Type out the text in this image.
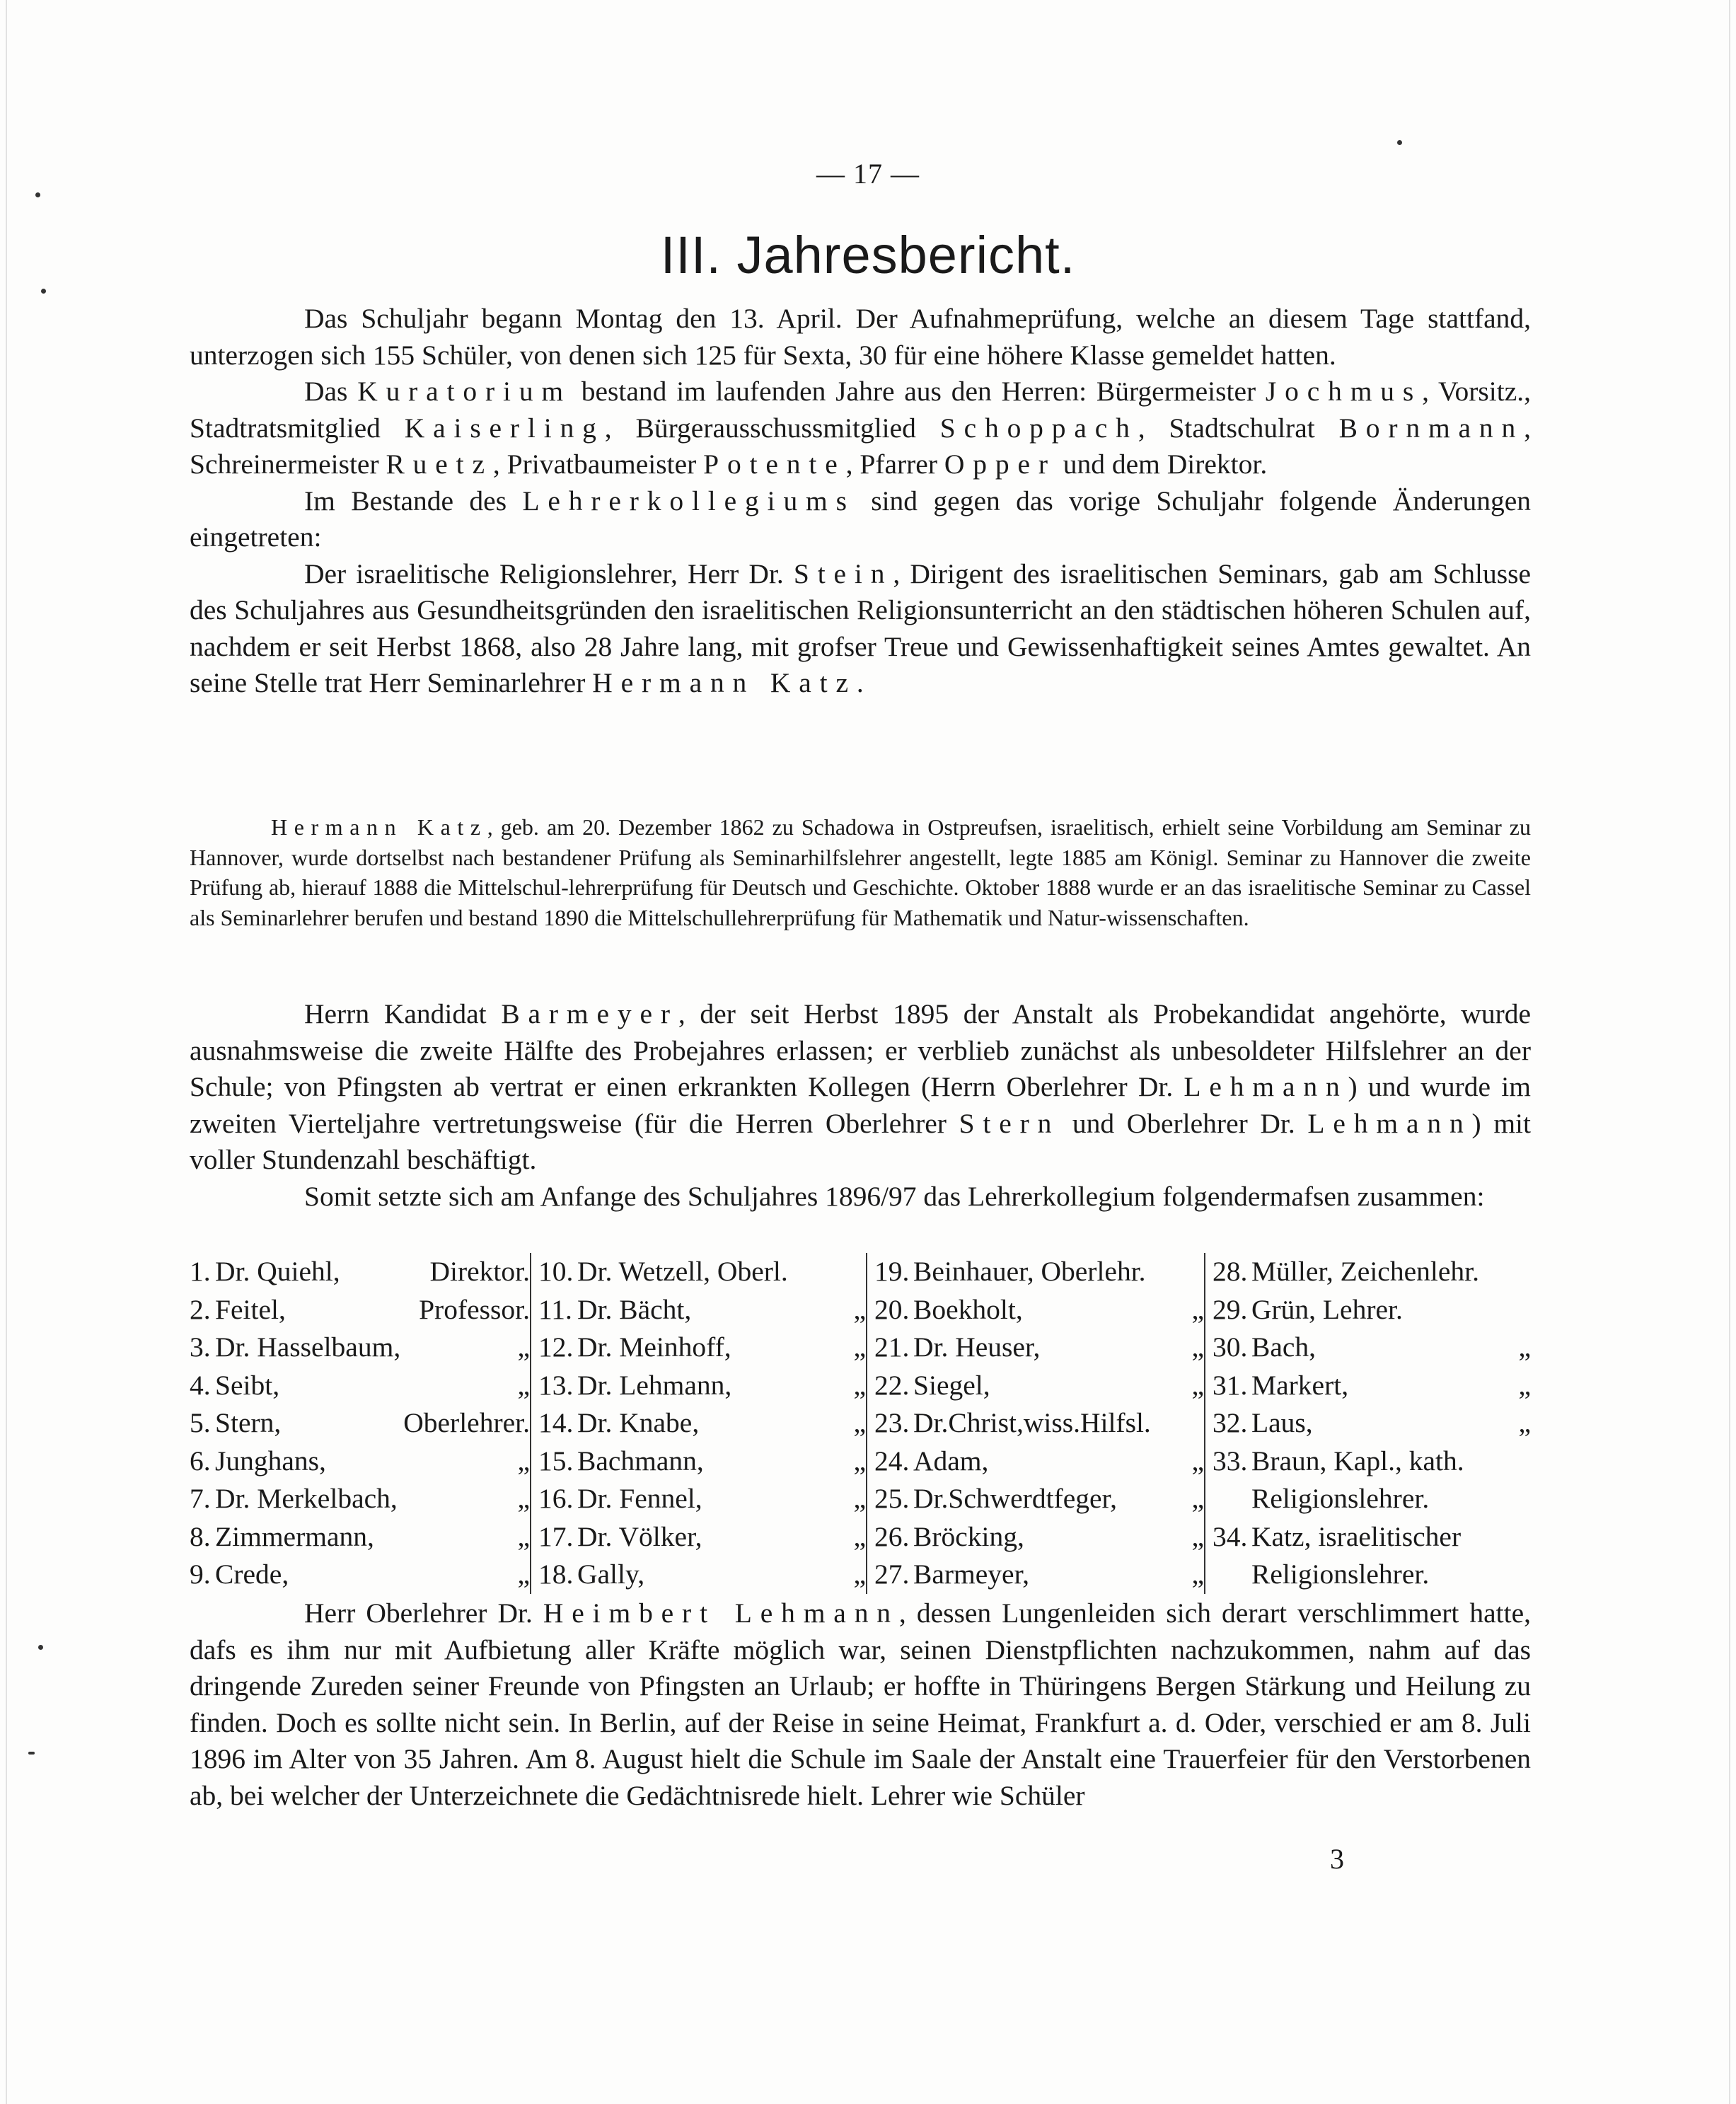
— 17 —
III. Jahresbericht.

Das Schuljahr begann Montag den 13. April. Der Aufnahmeprüfung, welche an diesem Tage stattfand, unterzogen sich 155 Schüler, von denen sich 125 für Sexta, 30 für eine höhere Klasse gemeldet hatten.

Das Kuratorium bestand im laufenden Jahre aus den Herren: Bürgermeister Jochmus, Vorsitz., Stadtratsmitglied Kaiserling, Bürgerausschussmitglied Schoppach, Stadtschulrat Bornmann, Schreinermeister Ruetz, Privatbaumeister Potente, Pfarrer Opper und dem Direktor.

Im Bestande des Lehrerkollegiums sind gegen das vorige Schuljahr folgende Änderungen eingetreten:

Der israelitische Religionslehrer, Herr Dr. Stein, Dirigent des israelitischen Seminars, gab am Schlusse des Schuljahres aus Gesundheitsgründen den israelitischen Religionsunterricht an den städtischen höheren Schulen auf, nachdem er seit Herbst 1868, also 28 Jahre lang, mit grofser Treue und Gewissenhaftigkeit seines Amtes gewaltet. An seine Stelle trat Herr Seminarlehrer Hermann Katz.

Hermann Katz, geb. am 20. Dezember 1862 zu Schadowa in Ostpreufsen, israelitisch, erhielt seine Vorbildung am Seminar zu Hannover, wurde dortselbst nach bestandener Prüfung als Seminarhilfslehrer angestellt, legte 1885 am Königl. Seminar zu Hannover die zweite Prüfung ab, hierauf 1888 die Mittelschul-lehrerprüfung für Deutsch und Geschichte. Oktober 1888 wurde er an das israelitische Seminar zu Cassel als Seminarlehrer berufen und bestand 1890 die Mittelschullehrerprüfung für Mathematik und Natur-wissenschaften.

Herrn Kandidat Barmeyer, der seit Herbst 1895 der Anstalt als Probekandidat angehörte, wurde ausnahmsweise die zweite Hälfte des Probejahres erlassen; er verblieb zunächst als unbesoldeter Hilfslehrer an der Schule; von Pfingsten ab vertrat er einen erkrankten Kollegen (Herrn Oberlehrer Dr. Lehmann) und wurde im zweiten Vierteljahre vertretungsweise (für die Herren Oberlehrer Stern und Oberlehrer Dr. Lehmann) mit voller Stundenzahl beschäftigt.

Somit setzte sich am Anfange des Schuljahres 1896/97 das Lehrerkollegium folgendermafsen zusammen:

1. Dr. Quiehl,	Direktor.
2. Feitel,	Professor.
3. Dr. Hasselbaum,	„
4. Seibt,	„
5. Stern,	Oberlehrer.
6. Junghans,	„
7. Dr. Merkelbach,	„
8. Zimmermann,	„
9. Crede,	„
10. Dr. Wetzell, Oberl.
11. Dr. Bächt,	„
12. Dr. Meinhoff,	„
13. Dr. Lehmann,	„
14. Dr. Knabe,	„
15. Bachmann,	„
16. Dr. Fennel,	„
17. Dr. Völker,	„
18. Gally,	„
19. Beinhauer, Oberlehr.
20. Boekholt,	„
21. Dr. Heuser,	„
22. Siegel,	„
23. Dr.Christ,wiss.Hilfsl.
24. Adam,	„
25. Dr.Schwerdtfeger,	„
26. Bröcking,	„
27. Barmeyer,	„
28. Müller, Zeichenlehr.
29. Grün, Lehrer.
30. Bach,	„
31. Markert,	„
32. Laus,	„
33. Braun, Kapl., kath.
Religionslehrer.
34. Katz, israelitischer
Religionslehrer.

Herr Oberlehrer Dr. Heimbert Lehmann, dessen Lungenleiden sich derart verschlimmert hatte, dafs es ihm nur mit Aufbietung aller Kräfte möglich war, seinen Dienstpflichten nachzukommen, nahm auf das dringende Zureden seiner Freunde von Pfingsten an Urlaub; er hoffte in Thüringens Bergen Stärkung und Heilung zu finden. Doch es sollte nicht sein. In Berlin, auf der Reise in seine Heimat, Frankfurt a. d. Oder, verschied er am 8. Juli 1896 im Alter von 35 Jahren. Am 8. August hielt die Schule im Saale der Anstalt eine Trauerfeier für den Verstorbenen ab, bei welcher der Unterzeichnete die Gedächtnisrede hielt. Lehrer wie Schüler

3
